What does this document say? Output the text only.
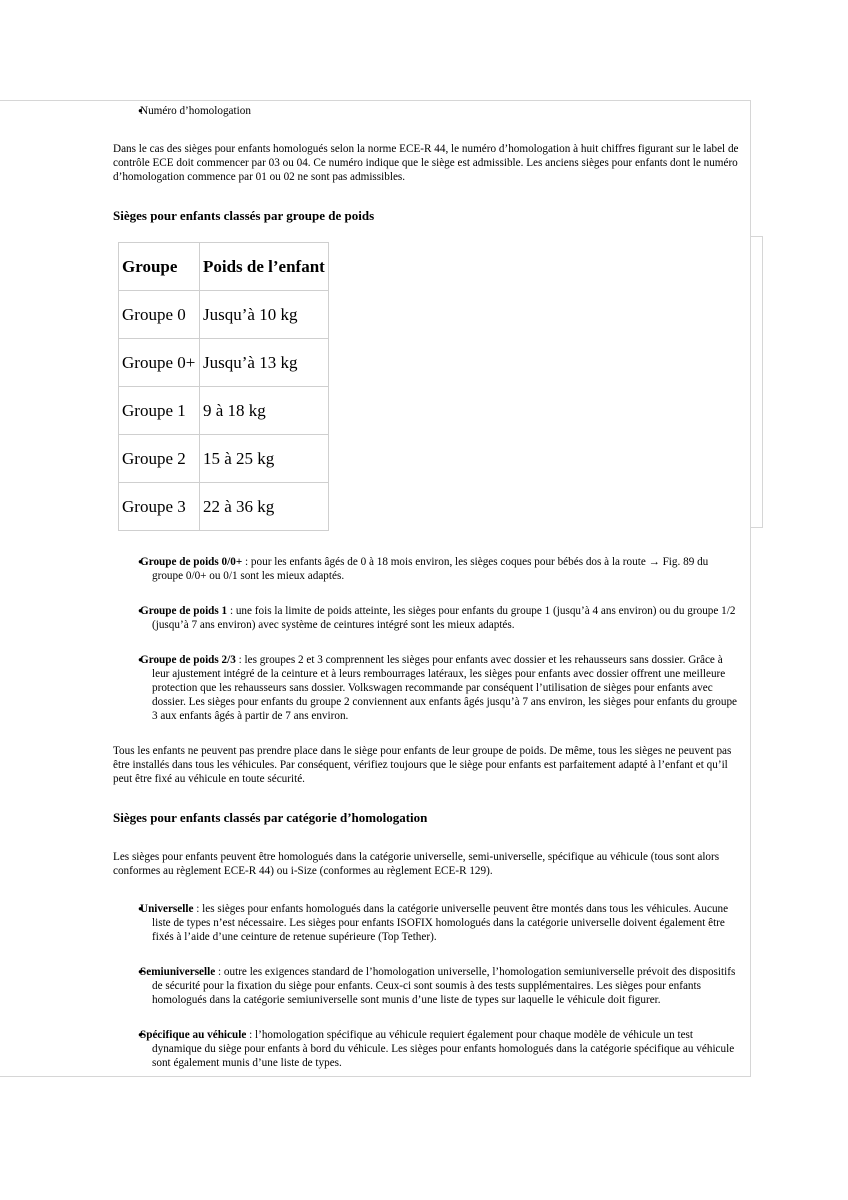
● Numéro d’homologation

Dans le cas des sièges pour enfants homologués selon la norme ECE-R 44, le numéro d’homologation à huit chiffres figurant sur le label de contrôle ECE doit commencer par 03 ou 04. Ce numéro indique que le siège est admissible. Les anciens sièges pour enfants dont le numéro d’homologation commence par 01 ou 02 ne sont pas admissibles.

Sièges pour enfants classés par groupe de poids
Groupe	Poids de l’enfant
Groupe 0	Jusqu’à 10 kg
Groupe 0+	Jusqu’à 13 kg
Groupe 1	9 à 18 kg
Groupe 2	15 à 25 kg
Groupe 3	22 à 36 kg
● Groupe de poids 0/0+ : pour les enfants âgés de 0 à 18 mois environ, les sièges coques pour bébés dos à la route → Fig. 89 du groupe 0/0+ ou 0/1 sont les mieux adaptés.
● Groupe de poids 1 : une fois la limite de poids atteinte, les sièges pour enfants du groupe 1 (jusqu’à 4 ans environ) ou du groupe 1/2 (jusqu’à 7 ans environ) avec système de ceintures intégré sont les mieux adaptés.
● Groupe de poids 2/3 : les groupes 2 et 3 comprennent les sièges pour enfants avec dossier et les rehausseurs sans dossier. Grâce à leur ajustement intégré de la ceinture et à leurs rembourrages latéraux, les sièges pour enfants avec dossier offrent une meilleure protection que les rehausseurs sans dossier. Volkswagen recommande par conséquent l’utilisation de sièges pour enfants avec dossier. Les sièges pour enfants du groupe 2 conviennent aux enfants âgés jusqu’à 7 ans environ, les sièges pour enfants du groupe 3 aux enfants âgés à partir de 7 ans environ.

Tous les enfants ne peuvent pas prendre place dans le siège pour enfants de leur groupe de poids. De même, tous les sièges ne peuvent pas être installés dans tous les véhicules. Par conséquent, vérifiez toujours que le siège pour enfants est parfaitement adapté à l’enfant et qu’il peut être fixé au véhicule en toute sécurité.

Sièges pour enfants classés par catégorie d’homologation

Les sièges pour enfants peuvent être homologués dans la catégorie universelle, semi-universelle, spécifique au véhicule (tous sont alors conformes au règlement ECE-R 44) ou i-Size (conformes au règlement ECE-R 129).

● Universelle : les sièges pour enfants homologués dans la catégorie universelle peuvent être montés dans tous les véhicules. Aucune liste de types n’est nécessaire. Les sièges pour enfants ISOFIX homologués dans la catégorie universelle doivent également être fixés à l’aide d’une ceinture de retenue supérieure (Top Tether).
● Semiuniverselle : outre les exigences standard de l’homologation universelle, l’homologation semiuniverselle prévoit des dispositifs de sécurité pour la fixation du siège pour enfants. Ceux-ci sont soumis à des tests supplémentaires. Les sièges pour enfants homologués dans la catégorie semiuniverselle sont munis d’une liste de types sur laquelle le véhicule doit figurer.
● Spécifique au véhicule : l’homologation spécifique au véhicule requiert également pour chaque modèle de véhicule un test dynamique du siège pour enfants à bord du véhicule. Les sièges pour enfants homologués dans la catégorie spécifique au véhicule sont également munis d’une liste de types.
